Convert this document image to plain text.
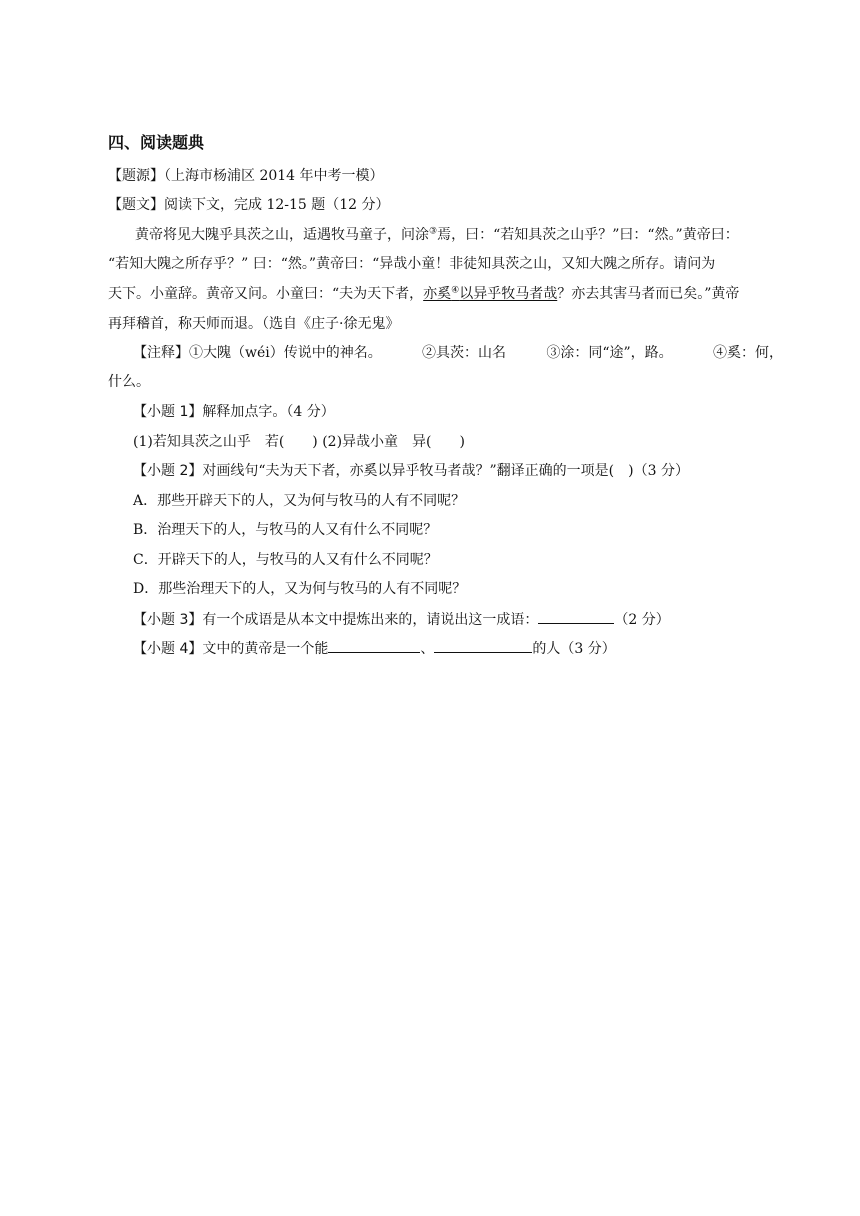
四、阅读题典
【题源】（上海市杨浦区 2014 年中考一模）
【题文】阅读下文，完成 12-15 题（12 分）
黄帝将见大隗乎具茨之山，适遇牧马童子，问涂③焉，曰：“若知具茨之山乎？”曰：“然。”黄帝曰：
“若知大隗之所存乎？” 曰：“然。”黄帝曰：“异哉小童！非徒知具茨之山，又知大隗之所存。请问为
天下。小童辞。黄帝又问。小童曰：“夫为天下者，亦奚④以异乎牧马者哉？亦去其害马者而已矣。”黄帝
再拜稽首，称天师而退。（选自《庄子·徐无鬼》
【注释】①大隗（wéi）传说中的神名。	②具茨：山名	③涂：同“途”，路。	④奚：何，
什么。
【小题 1】解释加点字。（4 分）
(1)若知具茨之山乎　若(　　) (2)异哉小童　异(　　)
【小题 2】对画线句“夫为天下者，亦奚以异乎牧马者哉？”翻译正确的一项是(　)（3 分）
A．那些开辟天下的人，又为何与牧马的人有不同呢？
B．治理天下的人，与牧马的人又有什么不同呢？
C．开辟天下的人，与牧马的人又有什么不同呢？
D．那些治理天下的人，又为何与牧马的人有不同呢？
【小题 3】有一个成语是从本文中提炼出来的，请说出这一成语：	（2 分）
【小题 4】文中的黄帝是一个能	、	的人（3 分）
